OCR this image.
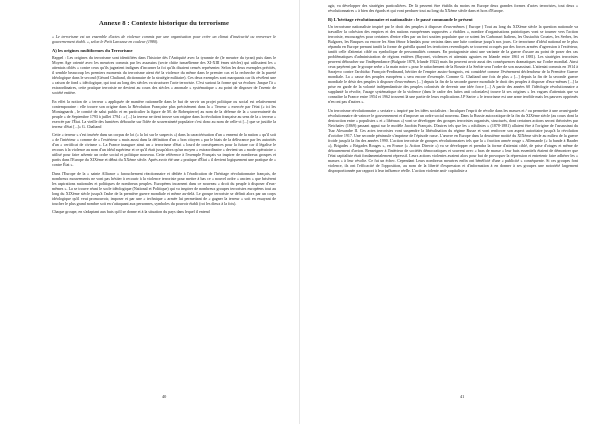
Annexe 8 : Contexte historique du terrorisme

« Le terrorisme est un ensemble d'actes de violence commis par une organisation pour créer un climat d'insécurité ou renverser le gouvernement établi. », selon le Petit Larousse en couleur (1980).

A) les origines multiformes du Terrorisme

Rappel : Les origines du terrorisme sont identifiées dans l'histoire dès l'Antiquité avec la tyrannie de (le meurtre du tyran) puis dans le Moyen Age orienté avec les meurtres commis par les assassins (secte chiite ismaélienne des XI-XIII èmes siècles) qui utilisaient les « attentats ciblés » contre ceux qu'ils jugeaient indignes d'incarner la foi qu'ils disaient censés représenter. Selon les deux exemples précités, il semble beaucoup les premiers moments du terrorisme aient été la violence du même dans le premier cas et la recherche de la pureté idéologique dans le second (Gérard Chaliand, dictionnaire de la stratégie militaire). Ces deux exemples sont marquants car ils révèlent une « raison de fond » idéologique, qui tout au long des siècles va structurer l'acte terroriste. C'est surtout la forme qui va évoluer. Jusque l'à « extraordinaires, cette pratique terroriste ne devient au cours des siècles « anomale » systématique » au point de disposer de l'avenir de société entière.

En effet la notion de « terreur » appliquée de manière rationnelle dans le but de servir un projet politique ou social est relativement contemporaine : elle trouve son origine dans la Révolution Française plus précisément dans la « Terreur » exercée par l'état (« ici les Montagnards , le comité de salut public et en particulier la figure de M. de Robespierre) au nom de la défense de la « souveraineté du peuple » de Septembre 1793 à juillet 1794 : « [...] la terreur ne tient trouve son origine dans la révolution française au sens de la « terreur » exercée par l'État. La vieille des lumières débouche sur l'idée de souveraineté populaire c'est donc au nom de celle-ci [...] que se justifie la terreur d'état [...]» G. Chaliand

Cette « terreur » s'est insérée dans un corpus de loi (« la loi sur le suspects ») dans la caractérisation d'un « ennemi de la nation » qu'il soit « de l'intérieur » comme de « l'extérieur » mais aussi dans la définition d'un « bon citoyen » par le biais de la délivrance par les autorités d'un « certificat de civisme ». La France inaugure ainsi un « terrorisme d'état » lourd de conséquences pour la future car il légalise le recours à la violence au nom d'un idéal supérieur et ce qu'il était jusqu'alors qu'un moyen « extraordinaire » devient un « mode opératoire » utilisé pour faire advenir un ordre social et politique nouveau. Cette référence à l'exemple Français va inspirer de nombreux groupes et partis dans l'Europe du XIXème et début du XXème siècle. Après avoir été une « pratique d'État » il devient logiquement une pratique de « contre État ».

Dans l'Europe de la « sainte Alliance » farouchement réactionnaire et dédiée à l'éradication de l'héritage révolutionnaire français, de nombreux mouvements ne vont pas hésiter à recourir à la violence terroriste pour mettre à bas ce « nouvel ordre » ancien » que brisèrent les aspirations nationales et politiques de nombreux peuples. Européens incarnent dans ce nouveau « droit du peuple à disposer d'eux-mêmes ». La se trouve réuni le socle idéologique (National et Politique) qui va inspirer de nombreux groupes terroristes européens tout au long du XIXème siècle jusqu'à l'aube de la première guerre mondiale et même au-delà. Le groupe terroriste se définit alors par un corps idéologique qu'il veut promouvoir, imposer et par une « technique » armée lui permettant de « gagner la terreur » soit en essayant de toucher le plus grand nombre soit en s'attaquant aux personnes, symboles du pouvoir établi (roi les dieux à la fois).

Chaque groupe, en s'adaptant aux buts qu'il se donne et à la situation du pays dans lequel il entend

40

agir, va développer des stratégies particulières. De là peuvent être établis du moins en Europe deux grandes formes d'actes terroristes, tout deux « révolutionnaires » à bien des égards et qui vont perdurer tout au long du XXème siècle dans et hors d'Europe.

B) L'héritage révolutionnaire et nationaliste : le passé commande le présent

Un terrorisme nationaliste inspiré par le droit des peuples à disposer d'eux-mêmes ( Europe ) Tout au long du XIXème siècle la question nationale va travailler la cohésion des empires et des nations européennes supposées « établies », nombre d'organisations patriotiques vont se tourner vers l'action terroriste, encouragées pour certaines d'entre elles par un fort soutien populaire que ce soient les Carbonari Italiens, les Oustachis Croates, les Serbes, les Bulgares, les Basques ou encore les Sinn féinor Irlandais pour certains dans une lutte continue jusqu'à nos jours. Ce terrorisme d'idéal national ne le plus répandu en Europe prenant tantôt la forme de guérilla quand les territoires revendiqués se trouvent occupés par des forces armées d'agression à l'extérieur, tantôt celle d'attentat ciblé ou symbolique de personnalités connues. En protagoniste ainsi une variante de la guerre d'usure au point de poser des cas problématiques d'administration de régions entières (Bayonet, violences et attentats agraires en Irlande entre 1861 et 1881). Les stratégies terroristes peuvent déboucher sur l'indépendance (Bulgarie 1878, Irlande 1922) mais fin peuvent avoir aussi des conséquences dramatiques sur l'ordre mondial. Ainsi ceux payèrent par le groupe serbe « la main noire » pour le rattachement de la Bosnie à la Serbie sera l'ordre de son assassinat. L'attentat commis en 1914 à Sarajevo contre l'archiduc François-Ferdinand, héritier de l'empire austro-hongrois, est considéré comme l'évènement déclencheur de la Première Guerre mondiale. La « cause des peuples européens » sera encore d'exemple. Comme G. Chaliand une fois de plus « [...] depuis la fin de la seconde guerre mondiale le désir des peuples à disposer d'eux-mêmes [...] depuis la fin de la seconde guerre mondiale le droit des peuples à disposer d'eux-mêmes [...] la prise en garde de la volonté indépendantiste des peuples colonisés de devenir une idée force [...] A partir des années 60 l'idéologie révolutionnaire a supplanté la révolte, l'usage systématique de la violence (dans le cadre des luttes anti coloniales) trouve là ses origines » les vagues d'attentats que va connaître la France entre 1954 et 1962 trouvent là une partie de leurs explications J.P Sartre « le terrorisme est une arme terrible mais les pauvres opprimés n'en ont pas d'autres ».

Un terrorisme révolutionnaire « sectaire » inspiré par les idées socialistes : Inculquer l'esprit de révolte dans les masses et / ou permettre à une avant-garde révolutionnaire de vaincre le gouvernement et d'imposer un ordre social nouveau. Dans la Russie autocratique de la fin du XIXème siècle (au cours dont la destruction entre « populistes » et « libéraux ») vont se développer des groupes terroristes organisés, structurés, dont certaines actions seront théorisées par Netchaïev (1869) passant appui sur le modèle Jacobin Français. D'autres tels que les « nihilistes » (1878-1881) allaient être à l'origine de l'assassinat du Tsar Alexandre II. Ces actes terroristes vont suspendre la libéralisation du régime Russe et vont renforcer son aspect autoritaire jusqu'à la révolution d'octobre 1917. Une seconde péninsule s'imprime de l'épisode russe. L'œuvre en Europe dans la deuxième moitié du XIXème siècle au milieu de la guerre froide jusqu'à la fin des années 1990. L'action terroriste de groupes révolutionnaires tels que la « fraction armée rouge » Allemande (« la bande à Baader »), Brigades « Brigades Rouges », en France (« Action Directe ») va se développer et prendra la forme d'attentat ciblé, de prise d'otages et même de détournement d'avion. Renseigner à l'intérieur de sociétés démocratiques et souvent avec « bras de masse » leur buts essentiels étaient de démontrer que l'état capitaliste était fondamentalement répressif. Leurs actions violentes avaient alors pour but de provoquer la répression et entretenir faire adhérer les « masses » à leur révolte. Ce fut un échec. Cependant Leurs nombreux meurtres enfin ont bénéficié d'une « publicité » conséquente. Si ces groupes font violence, ils ont l'efficacité de l'opposition, au nom de la liberté d'expression et d'information à en donner à ses groupes une notoriété largement disproportionnée par rapport à leur influence réelle. L'action violente anti- capitaliste a

41
